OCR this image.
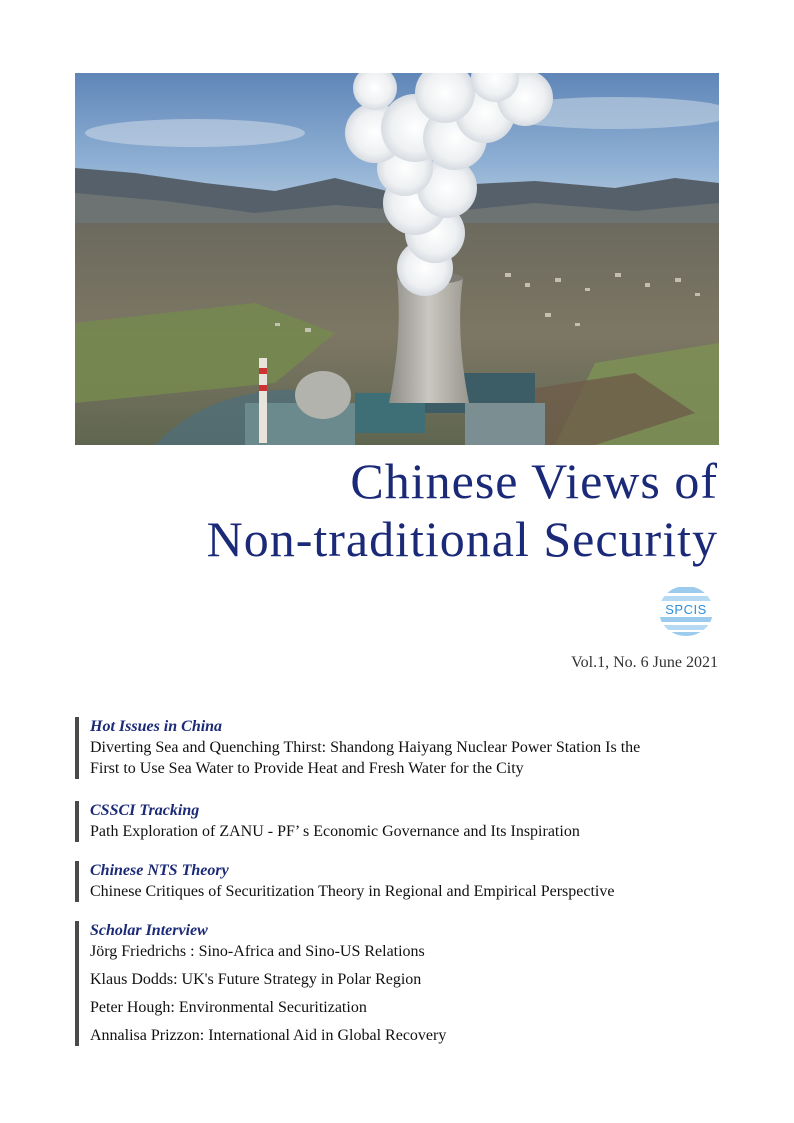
Chinese Views of
Non-traditional Security
SPCIS
Vol.1, No. 6 June 2021
Hot Issues in China
Diverting Sea and Quenching Thirst: Shandong Haiyang Nuclear Power Station Is the
First to Use Sea Water to Provide Heat and Fresh Water for the City
CSSCI Tracking
Path Exploration of ZANU - PF’ s Economic Governance and Its Inspiration
Chinese NTS Theory
Chinese Critiques of Securitization Theory in Regional and Empirical Perspective
Scholar Interview
Jörg Friedrichs : Sino-Africa and Sino-US Relations
Klaus Dodds: UK's Future Strategy in Polar Region
Peter Hough: Environmental Securitization
Annalisa Prizzon: International Aid in Global Recovery
